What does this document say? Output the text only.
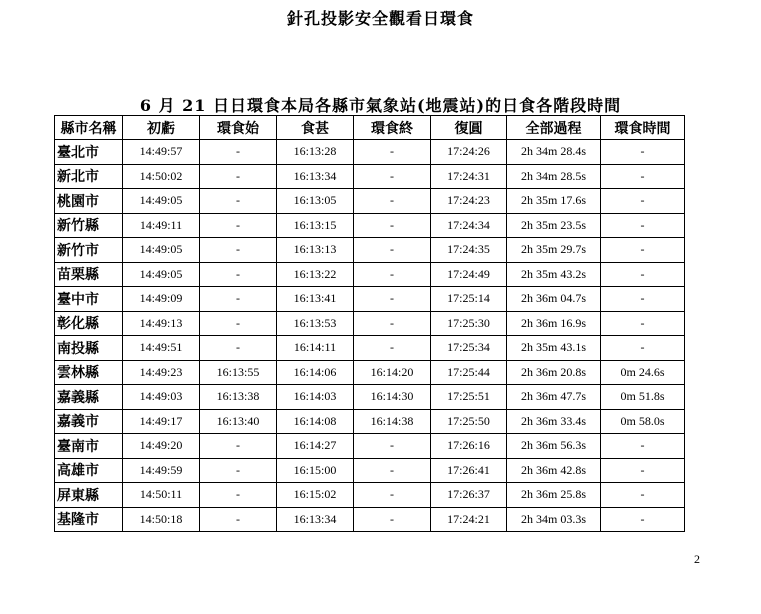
針孔投影安全觀看日環食
6 月 21 日日環食本局各縣市氣象站(地震站)的日食各階段時間
縣市名稱	初虧	環食始	食甚	環食終	復圓	全部過程	環食時間
臺北市	14:49:57	-	16:13:28	-	17:24:26	2h 34m 28.4s	-
新北市	14:50:02	-	16:13:34	-	17:24:31	2h 34m 28.5s	-
桃園市	14:49:05	-	16:13:05	-	17:24:23	2h 35m 17.6s	-
新竹縣	14:49:11	-	16:13:15	-	17:24:34	2h 35m 23.5s	-
新竹市	14:49:05	-	16:13:13	-	17:24:35	2h 35m 29.7s	-
苗栗縣	14:49:05	-	16:13:22	-	17:24:49	2h 35m 43.2s	-
臺中市	14:49:09	-	16:13:41	-	17:25:14	2h 36m 04.7s	-
彰化縣	14:49:13	-	16:13:53	-	17:25:30	2h 36m 16.9s	-
南投縣	14:49:51	-	16:14:11	-	17:25:34	2h 35m 43.1s	-
雲林縣	14:49:23	16:13:55	16:14:06	16:14:20	17:25:44	2h 36m 20.8s	0m 24.6s
嘉義縣	14:49:03	16:13:38	16:14:03	16:14:30	17:25:51	2h 36m 47.7s	0m 51.8s
嘉義市	14:49:17	16:13:40	16:14:08	16:14:38	17:25:50	2h 36m 33.4s	0m 58.0s
臺南市	14:49:20	-	16:14:27	-	17:26:16	2h 36m 56.3s	-
高雄市	14:49:59	-	16:15:00	-	17:26:41	2h 36m 42.8s	-
屏東縣	14:50:11	-	16:15:02	-	17:26:37	2h 36m 25.8s	-
基隆市	14:50:18	-	16:13:34	-	17:24:21	2h 34m 03.3s	-
2
